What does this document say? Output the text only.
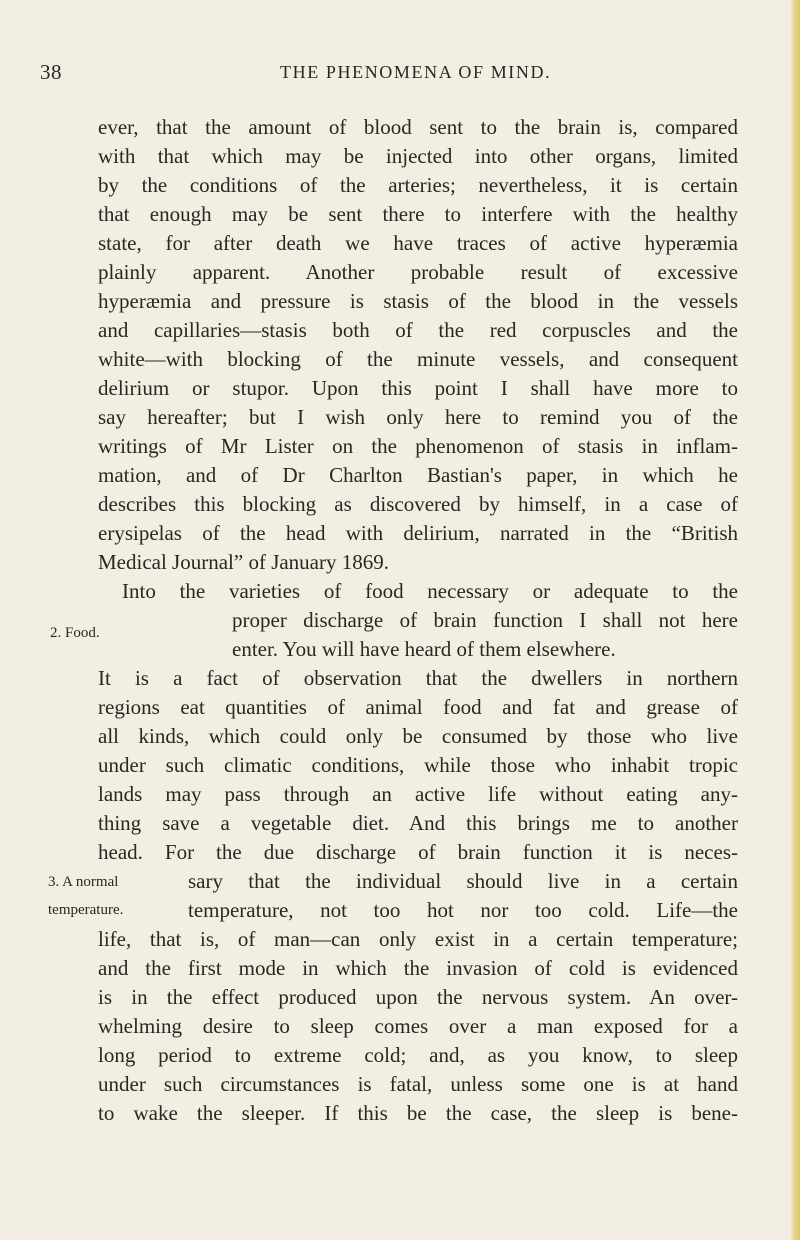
38	THE PHENOMENA OF MIND.
ever, that the amount of blood sent to the brain is, compared
with that which may be injected into other organs, limited
by the conditions of the arteries; nevertheless, it is certain
that enough may be sent there to interfere with the healthy
state, for after death we have traces of active hyperæmia
plainly apparent. Another probable result of excessive
hyperæmia and pressure is stasis of the blood in the vessels
and capillaries—stasis both of the red corpuscles and the
white—with blocking of the minute vessels, and consequent
delirium or stupor. Upon this point I shall have more to
say hereafter; but I wish only here to remind you of the
writings of Mr Lister on the phenomenon of stasis in inflam-
mation, and of Dr Charlton Bastian's paper, in which he
describes this blocking as discovered by himself, in a case of
erysipelas of the head with delirium, narrated in the “British
Medical Journal” of January 1869.
Into the varieties of food necessary or adequate to the
proper discharge of brain function I shall not here
enter. You will have heard of them elsewhere.
2. Food.
It is a fact of observation that the dwellers in northern
regions eat quantities of animal food and fat and grease of
all kinds, which could only be consumed by those who live
under such climatic conditions, while those who inhabit tropic
lands may pass through an active life without eating any-
thing save a vegetable diet. And this brings me to another
head. For the due discharge of brain function it is neces-
sary that the individual should live in a certain
3. A normal
temperature, not too hot nor too cold. Life—the
temperature.
life, that is, of man—can only exist in a certain temperature;
and the first mode in which the invasion of cold is evidenced
is in the effect produced upon the nervous system. An over-
whelming desire to sleep comes over a man exposed for a
long period to extreme cold; and, as you know, to sleep
under such circumstances is fatal, unless some one is at hand
to wake the sleeper. If this be the case, the sleep is bene-
